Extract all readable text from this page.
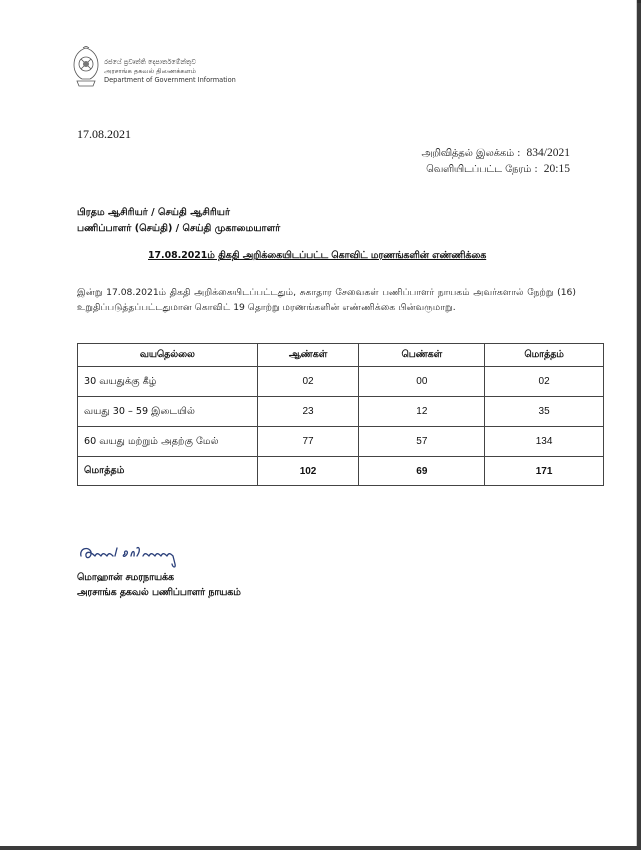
රජයේ ප්‍රවෘත්ති දෙපාර්තමේන්තුව
அரசாங்க தகவல் திணைக்களம்
Department of Government Information
17.08.2021
அறிவித்தல் இலக்கம் : 834/2021
வெளியிடப்பட்ட நேரம் : 20:15
பிரதம ஆசிரியர் / செய்தி ஆசிரியர்
பணிப்பாளர் (செய்தி) / செய்தி முகாமையாளர்
17.08.2021ம் திகதி அறிக்கையிடப்பட்ட கொவிட் மரணங்களின் எண்ணிக்கை
இன்று 17.08.2021ம் திகதி அறிக்கையிடப்பட்டதும், சுகாதார சேவைகள் பணிப்பாளர் நாயகம் அவர்களால் நேற்று (16) உறுதிப்படுத்தப்பட்டதுமான கொவிட் 19 தொற்று மரணங்களின் எண்ணிக்கை பின்வருமாறு.
வயதெல்லை	ஆண்கள்	பெண்கள்	மொத்தம்
30 வயதுக்கு கீழ்	02	00	02
வயது 30 – 59 இடையில்	23	12	35
60 வயது மற்றும் அதற்கு மேல்	77	57	134
மொத்தம்	102	69	171
மொஹான் சமரநாயக்க
அரசாங்க தகவல் பணிப்பாளர் நாயகம்
